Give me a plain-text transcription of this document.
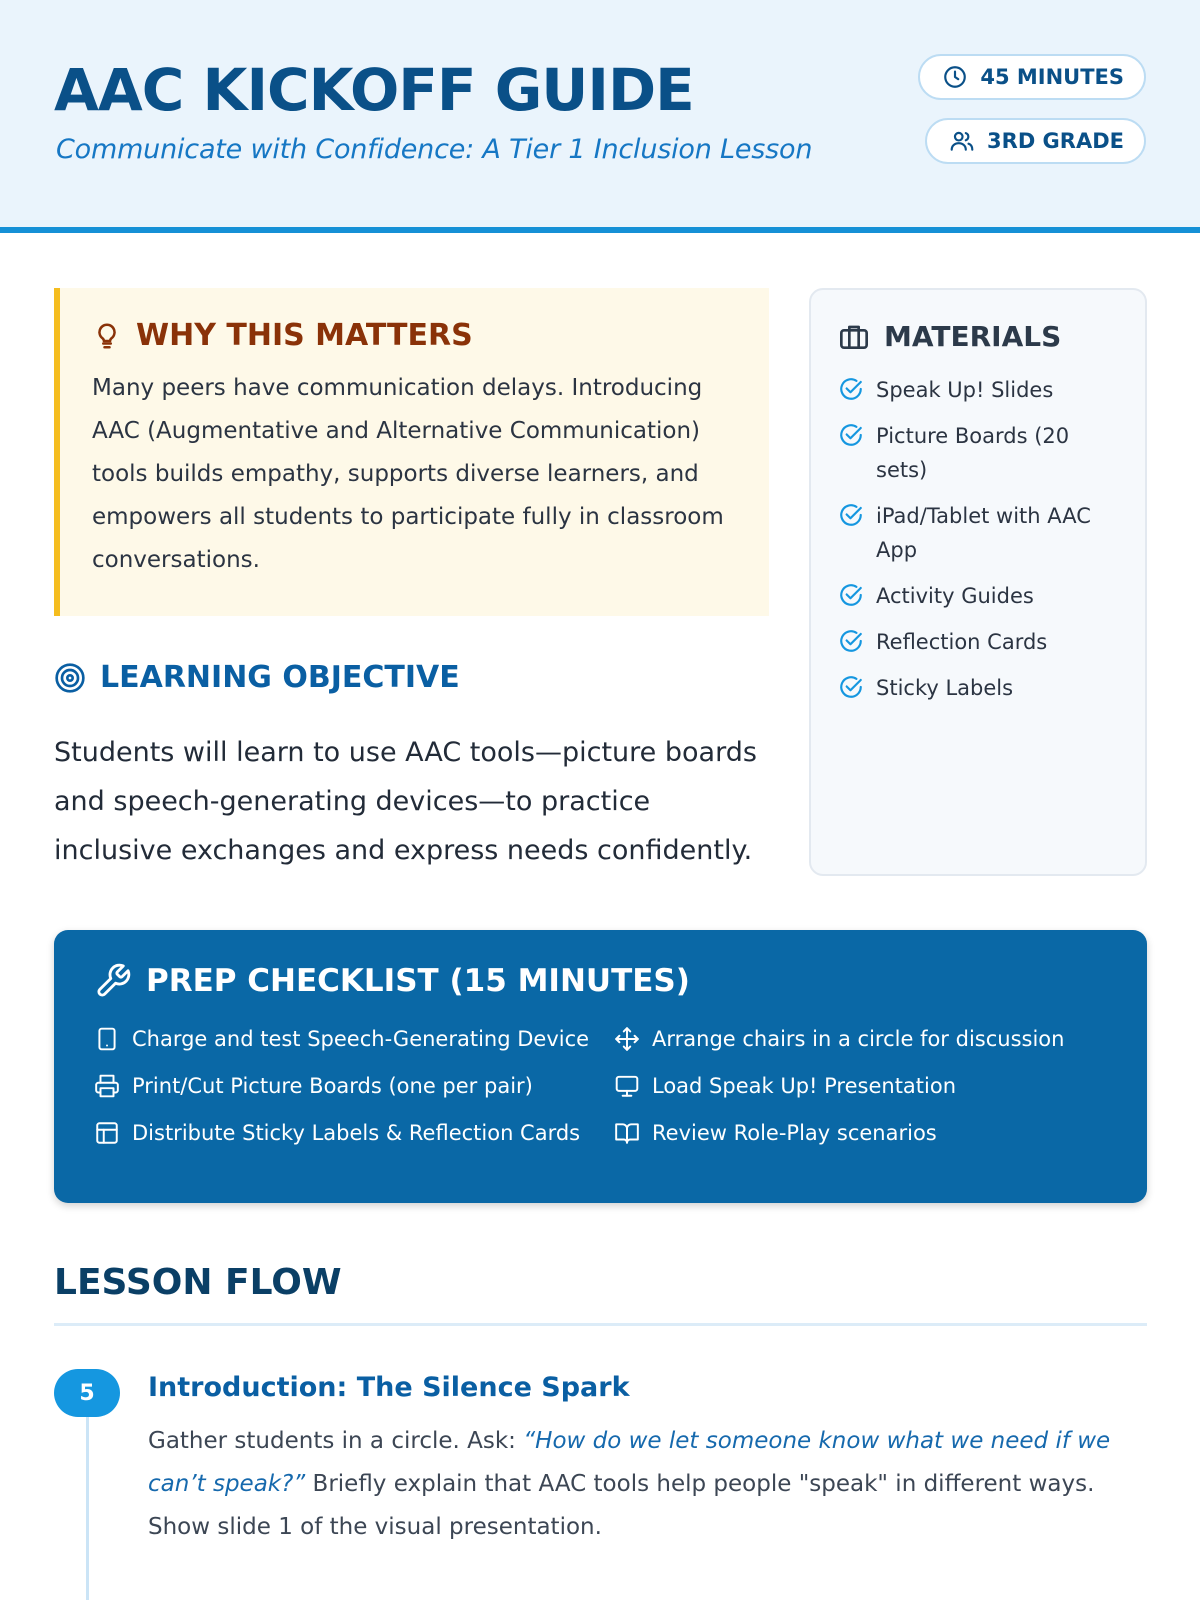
AAC KICKOFF GUIDE
Communicate with Confidence: A Tier 1 Inclusion Lesson
45 MINUTES
3RD GRADE
WHY THIS MATTERS

Many peers have communication delays. Introducing AAC (Augmentative and Alternative Communication) tools builds empathy, supports diverse learners, and empowers all students to participate fully in classroom conversations.

LEARNING OBJECTIVE

Students will learn to use AAC tools—picture boards and speech-generating devices—to practice inclusive exchanges and express needs confidently.

MATERIALS
Speak Up! Slides
Picture Boards (20 sets)
iPad/Tablet with AAC App
Activity Guides
Reflection Cards
Sticky Labels
PREP CHECKLIST (15 MINUTES)
Charge and test Speech-Generating Device	Arrange chairs in a circle for discussion
Print/Cut Picture Boards (one per pair)	Load Speak Up! Presentation
Distribute Sticky Labels & Reflection Cards	Review Role-Play scenarios
LESSON FLOW
5	Introduction: The Silence Spark

Gather students in a circle. Ask: “How do we let someone know what we need if we can’t speak?” Briefly explain that AAC tools help people "speak" in different ways. Show slide 1 of the visual presentation.
